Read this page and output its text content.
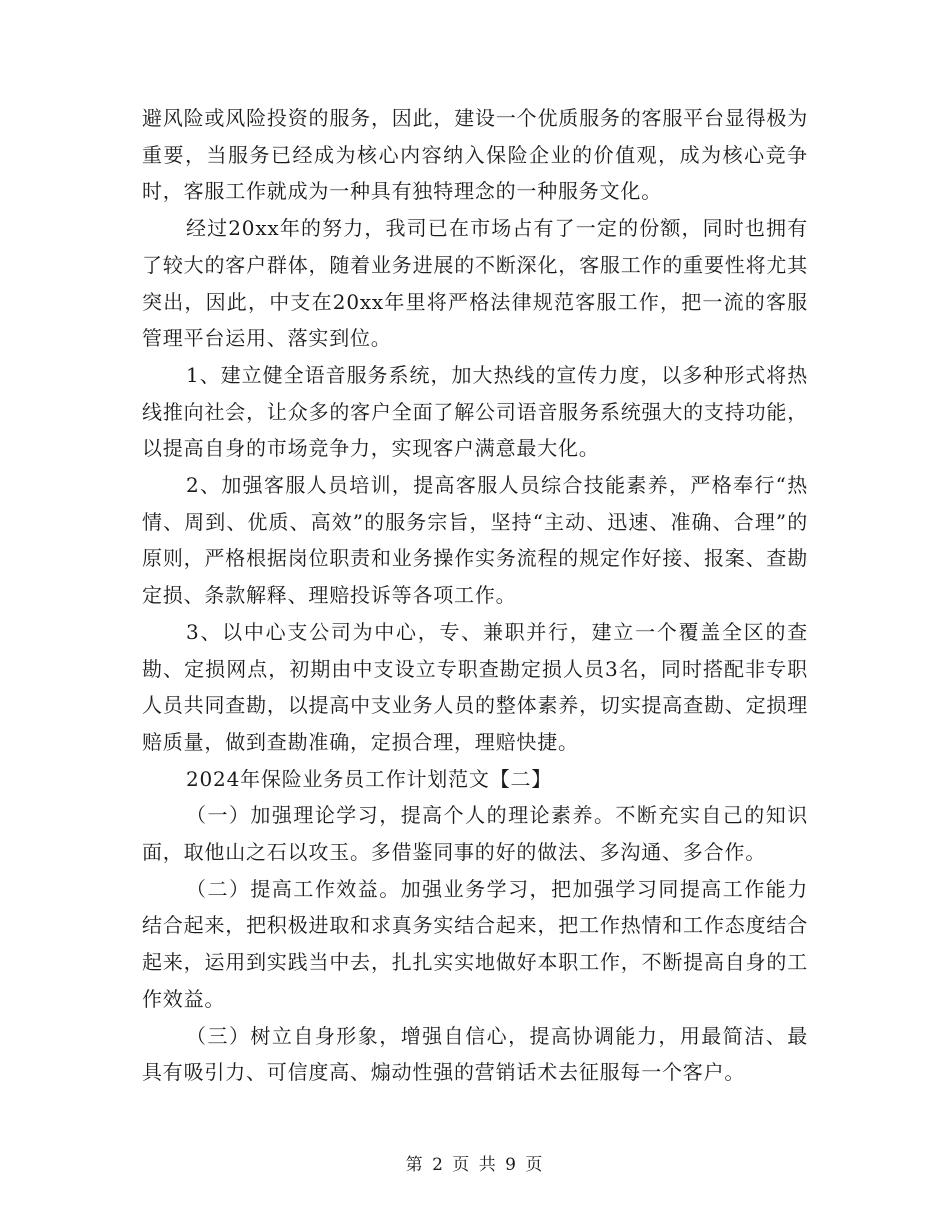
避风险或风险投资的服务，因此，建设一个优质服务的客服平台显得极为重要，当服务已经成为核心内容纳入保险企业的价值观，成为核心竞争时，客服工作就成为一种具有独特理念的一种服务文化。

经过20xx年的努力，我司已在市场占有了一定的份额，同时也拥有了较大的客户群体，随着业务进展的不断深化，客服工作的重要性将尤其突出，因此，中支在20xx年里将严格法律规范客服工作，把一流的客服管理平台运用、落实到位。

1、建立健全语音服务系统，加大热线的宣传力度，以多种形式将热线推向社会，让众多的客户全面了解公司语音服务系统强大的支持功能，以提高自身的市场竞争力，实现客户满意最大化。

2、加强客服人员培训，提高客服人员综合技能素养，严格奉行“热情、周到、优质、高效”的服务宗旨，坚持“主动、迅速、准确、合理”的原则，严格根据岗位职责和业务操作实务流程的规定作好接、报案、查勘定损、条款解释、理赔投诉等各项工作。

3、以中心支公司为中心，专、兼职并行，建立一个覆盖全区的查勘、定损网点，初期由中支设立专职查勘定损人员3名，同时搭配非专职人员共同查勘，以提高中支业务人员的整体素养，切实提高查勘、定损理赔质量，做到查勘准确，定损合理，理赔快捷。

2024年保险业务员工作计划范文【二】

（一）加强理论学习，提高个人的理论素养。不断充实自己的知识面，取他山之石以攻玉。多借鉴同事的好的做法、多沟通、多合作。

（二）提高工作效益。加强业务学习，把加强学习同提高工作能力结合起来，把积极进取和求真务实结合起来，把工作热情和工作态度结合起来，运用到实践当中去，扎扎实实地做好本职工作，不断提高自身的工作效益。

（三）树立自身形象，增强自信心，提高协调能力，用最简洁、最具有吸引力、可信度高、煽动性强的营销话术去征服每一个客户。

第 2 页 共 9 页
